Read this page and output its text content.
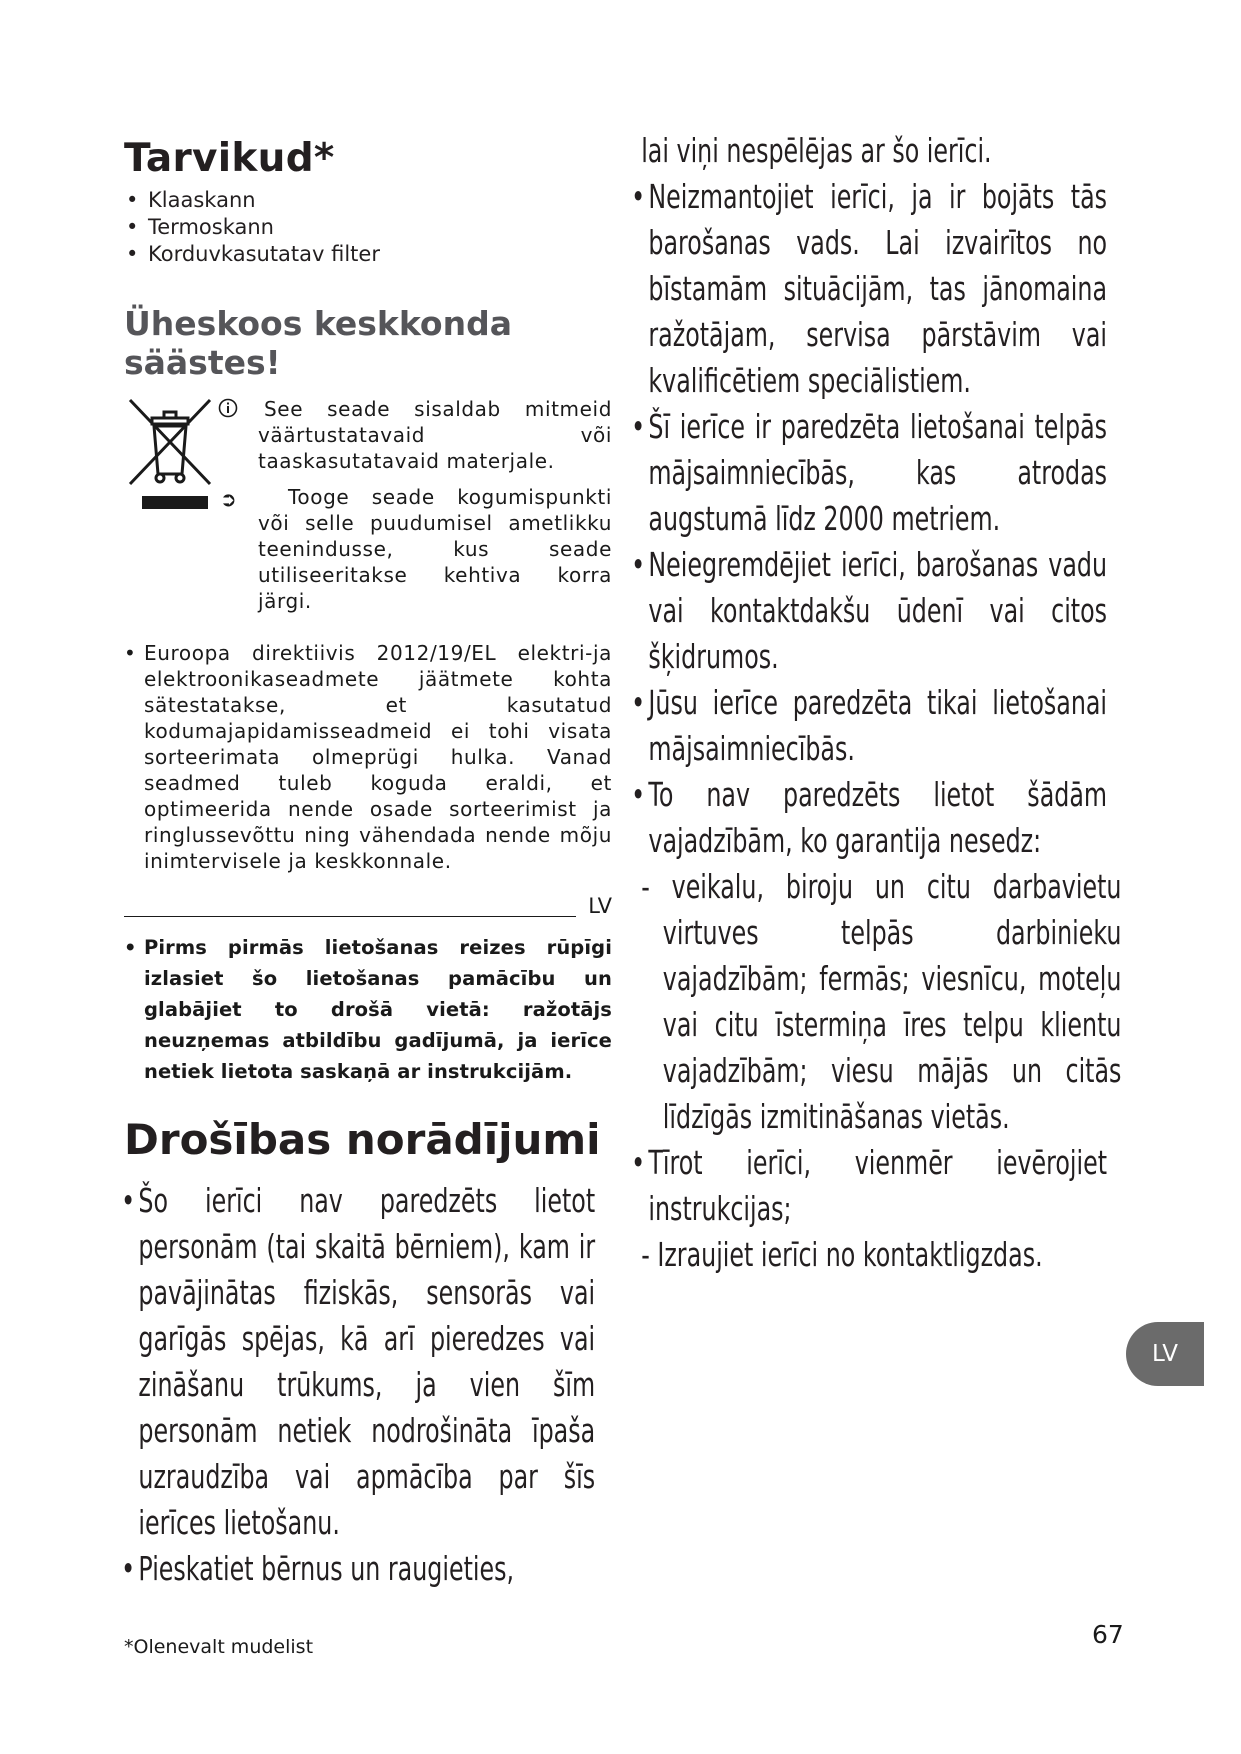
Tarvikud*
• Klaaskann
• Termoskann
• Korduvkasutatav filter
Üheskoos keskkonda säästes!
See seade sisaldab mitmeid väärtustatavaid või taaskasutatavaid materjale.
➲	Tooge seade kogumispunkti või selle puudumisel ametlikku teenindusse, kus seade utiliseeritakse kehtiva korra järgi.

• Euroopa direktiivis 2012/19/EL elektri-ja elektroonikaseadmete jäätmete kohta sätestatakse, et kasutatud kodumajapidamisseadmeid ei tohi visata sorteerimata olmeprügi hulka. Vanad seadmed tuleb koguda eraldi, et optimeerida nende osade sorteerimist ja ringlussevõttu ning vähendada nende mõju inimtervisele ja keskkonnale.

LV

• Pirms pirmās lietošanas reizes rūpīgi izlasiet šo lietošanas pamācību un glabājiet to drošā vietā: ražotājs neuzņemas atbildību gadījumā, ja ierīce netiek lietota saskaņā ar instrukcijām.

Drošības norādījumi
• Šo ierīci nav paredzēts lietot personām (tai skaitā bērniem), kam ir pavājinātas fiziskās, sensorās vai garīgās spējas, kā arī pieredzes vai zināšanu trūkums, ja vien šīm personām netiek nodrošināta īpaša uzraudzība vai apmācība par šīs ierīces lietošanu.
• Pieskatiet bērnus un raugieties,
lai viņi nespēlējas ar šo ierīci.
• Neizmantojiet ierīci, ja ir bojāts tās barošanas vads. Lai izvairītos no bīstamām situācijām, tas jānomaina ražotājam, servisa pārstāvim vai kvalificētiem speciālistiem.
• Šī ierīce ir paredzēta lietošanai telpās mājsaimniecībās, kas atrodas augstumā līdz 2000 metriem.
• Neiegremdējiet ierīci, barošanas vadu vai kontaktdakšu ūdenī vai citos šķidrumos.
• Jūsu ierīce paredzēta tikai lietošanai mājsaimniecībās.
• To nav paredzēts lietot šādām vajadzībām, ko garantija nesedz:
- veikalu, biroju un citu darbavietu virtuves telpās darbinieku vajadzībām; fermās; viesnīcu, moteļu vai citu īstermiņa īres telpu klientu vajadzībām; viesu mājās un citās līdzīgās izmitināšanas vietās.
• Tīrot ierīci, vienmēr ievērojiet instrukcijas;
- Izraujiet ierīci no kontaktligzdas.
LV
*Olenevalt mudelist	67
